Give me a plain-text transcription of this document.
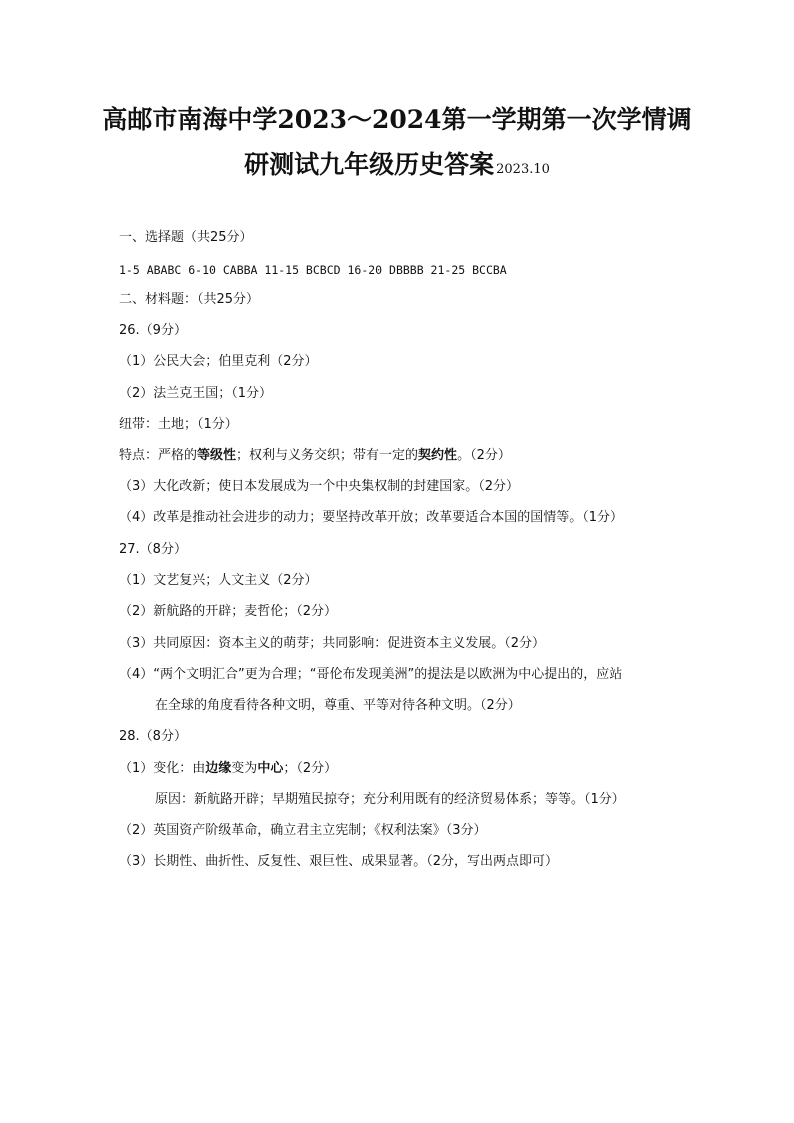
高邮市南海中学2023～2024第一学期第一次学情调
研测试九年级历史答案 2023.10
一、选择题（共25分）
1-5 ABABC 6-10 CABBA 11-15 BCBCD 16-20 DBBBB 21-25 BCCBA
二、材料题：（共25分）
26.（9分）
（1）公民大会；伯里克利（2分）
（2）法兰克王国；（1分）
纽带：土地；（1分）
特点：严格的等级性；权利与义务交织；带有一定的契约性。（2分）
（3）大化改新；使日本发展成为一个中央集权制的封建国家。（2分）
（4）改革是推动社会进步的动力；要坚持改革开放；改革要适合本国的国情等。（1分）
27.（8分）
（1）文艺复兴；人文主义（2分）
（2）新航路的开辟；麦哲伦；（2分）
（3）共同原因：资本主义的萌芽；共同影响：促进资本主义发展。（2分）
（4）“两个文明汇合”更为合理；“哥伦布发现美洲”的提法是以欧洲为中心提出的，应站
在全球的角度看待各种文明，尊重、平等对待各种文明。（2分）
28.（8分）
（1）变化：由边缘变为中心；（2分）
原因：新航路开辟；早期殖民掠夺；充分利用既有的经济贸易体系；等等。（1分）
（2）英国资产阶级革命，确立君主立宪制；《权利法案》（3分）
（3）长期性、曲折性、反复性、艰巨性、成果显著。（2分，写出两点即可）
